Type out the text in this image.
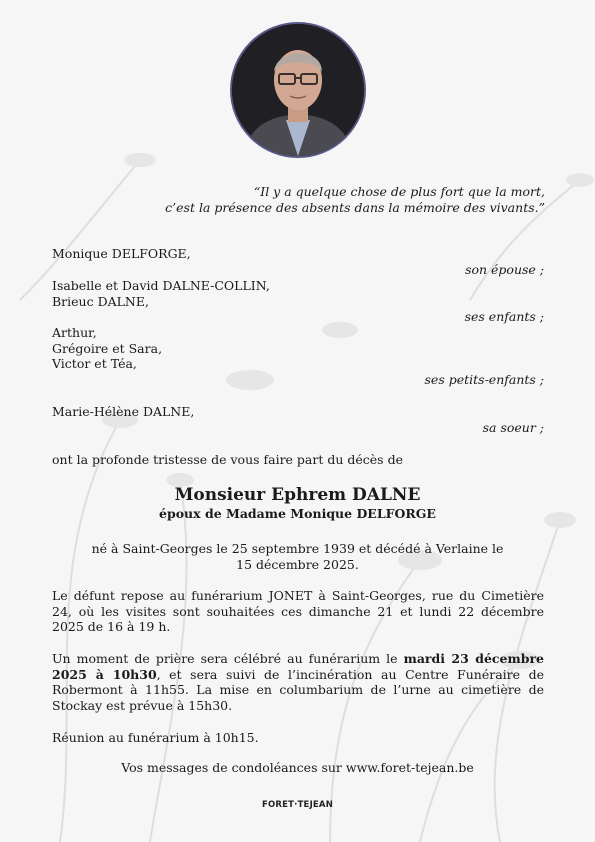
“Il y a quelque chose de plus fort que la mort,
c’est la présence des absents dans la mémoire des vivants.”
Monique DELFORGE,
son épouse ;
Isabelle et David DALNE-COLLIN,
Brieuc DALNE,
ses enfants ;
Arthur,
Grégoire et Sara,
Victor et Téa,
ses petits-enfants ;
Marie-Hélène DALNE,
sa soeur ;
ont la profonde tristesse de vous faire part du décès de
Monsieur Ephrem DALNE
époux de Madame Monique DELFORGE
né à Saint-Georges le 25 septembre 1939 et décédé à Verlaine le
15 décembre 2025.
Le défunt repose au funérarium JONET à Saint-Georges, rue du Cimetière 24, où les visites sont souhaitées ces dimanche 21 et lundi 22 décembre 2025 de 16 à 19 h.
Un moment de prière sera célébré au funérarium le mardi 23 décembre 2025 à 10h30, et sera suivi de l’incinération au Centre Funéraire de Robermont à 11h55. La mise en columbarium de l’urne au cimetière de Stockay est prévue à 15h30.
Réunion au funérarium à 10h15.
Vos messages de condoléances sur www.foret-tejean.be
FORET·TEJEAN
